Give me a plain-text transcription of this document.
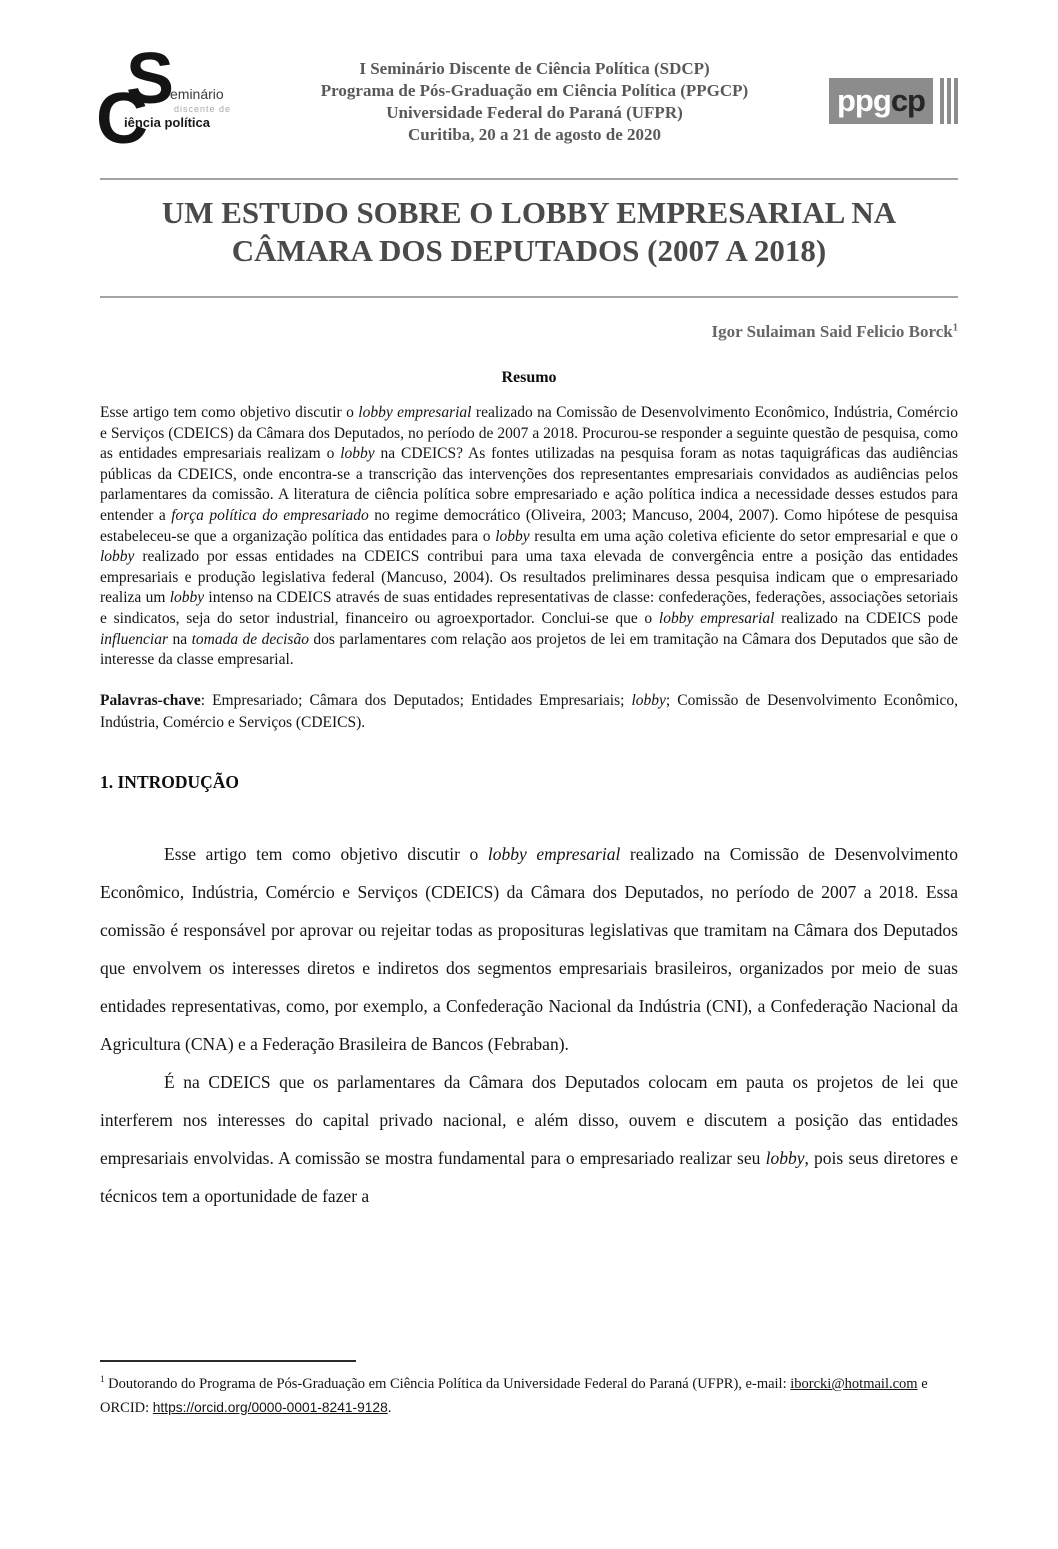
S
eminário
discente de
C
iência política
I Seminário Discente de Ciência Política (SDCP)
Programa de Pós-Graduação em Ciência Política (PPGCP)
Universidade Federal do Paraná (UFPR)
Curitiba, 20 a 21 de agosto de 2020
ppg cp
UM ESTUDO SOBRE O LOBBY EMPRESARIAL NA
CÂMARA DOS DEPUTADOS (2007 A 2018)
Igor Sulaiman Said Felicio Borck$^1$
Resumo

Esse artigo tem como objetivo discutir o lobby empresarial realizado na Comissão de Desenvolvimento Econômico, Indústria, Comércio e Serviços (CDEICS) da Câmara dos Deputados, no período de 2007 a 2018. Procurou-se responder a seguinte questão de pesquisa, como as entidades empresariais realizam o lobby na CDEICS? As fontes utilizadas na pesquisa foram as notas taquigráficas das audiências públicas da CDEICS, onde encontra-se a transcrição das intervenções dos representantes empresariais convidados as audiências pelos parlamentares da comissão. A literatura de ciência política sobre empresariado e ação política indica a necessidade desses estudos para entender a força política do empresariado no regime democrático (Oliveira, 2003; Mancuso, 2004, 2007). Como hipótese de pesquisa estabeleceu-se que a organização política das entidades para o lobby resulta em uma ação coletiva eficiente do setor empresarial e que o lobby realizado por essas entidades na CDEICS contribui para uma taxa elevada de convergência entre a posição das entidades empresariais e produção legislativa federal (Mancuso, 2004). Os resultados preliminares dessa pesquisa indicam que o empresariado realiza um lobby intenso na CDEICS através de suas entidades representativas de classe: confederações, federações, associações setoriais e sindicatos, seja do setor industrial, financeiro ou agroexportador. Conclui-se que o lobby empresarial realizado na CDEICS pode influenciar na tomada de decisão dos parlamentares com relação aos projetos de lei em tramitação na Câmara dos Deputados que são de interesse da classe empresarial.

Palavras-chave: Empresariado; Câmara dos Deputados; Entidades Empresariais; lobby; Comissão de Desenvolvimento Econômico, Indústria, Comércio e Serviços (CDEICS).

1. INTRODUÇÃO

Esse artigo tem como objetivo discutir o lobby empresarial realizado na Comissão de Desenvolvimento Econômico, Indústria, Comércio e Serviços (CDEICS) da Câmara dos Deputados, no período de 2007 a 2018. Essa comissão é responsável por aprovar ou rejeitar todas as proposituras legislativas que tramitam na Câmara dos Deputados que envolvem os interesses diretos e indiretos dos segmentos empresariais brasileiros, organizados por meio de suas entidades representativas, como, por exemplo, a Confederação Nacional da Indústria (CNI), a Confederação Nacional da Agricultura (CNA) e a Federação Brasileira de Bancos (Febraban).

É na CDEICS que os parlamentares da Câmara dos Deputados colocam em pauta os projetos de lei que interferem nos interesses do capital privado nacional, e além disso, ouvem e discutem a posição das entidades empresariais envolvidas. A comissão se mostra fundamental para o empresariado realizar seu lobby, pois seus diretores e técnicos tem a oportunidade de fazer a

$^1$ Doutorando do Programa de Pós-Graduação em Ciência Política da Universidade Federal do Paraná (UFPR), e-mail: iborcki@hotmail.com e ORCID: https://orcid.org/0000-0001-8241-9128.
